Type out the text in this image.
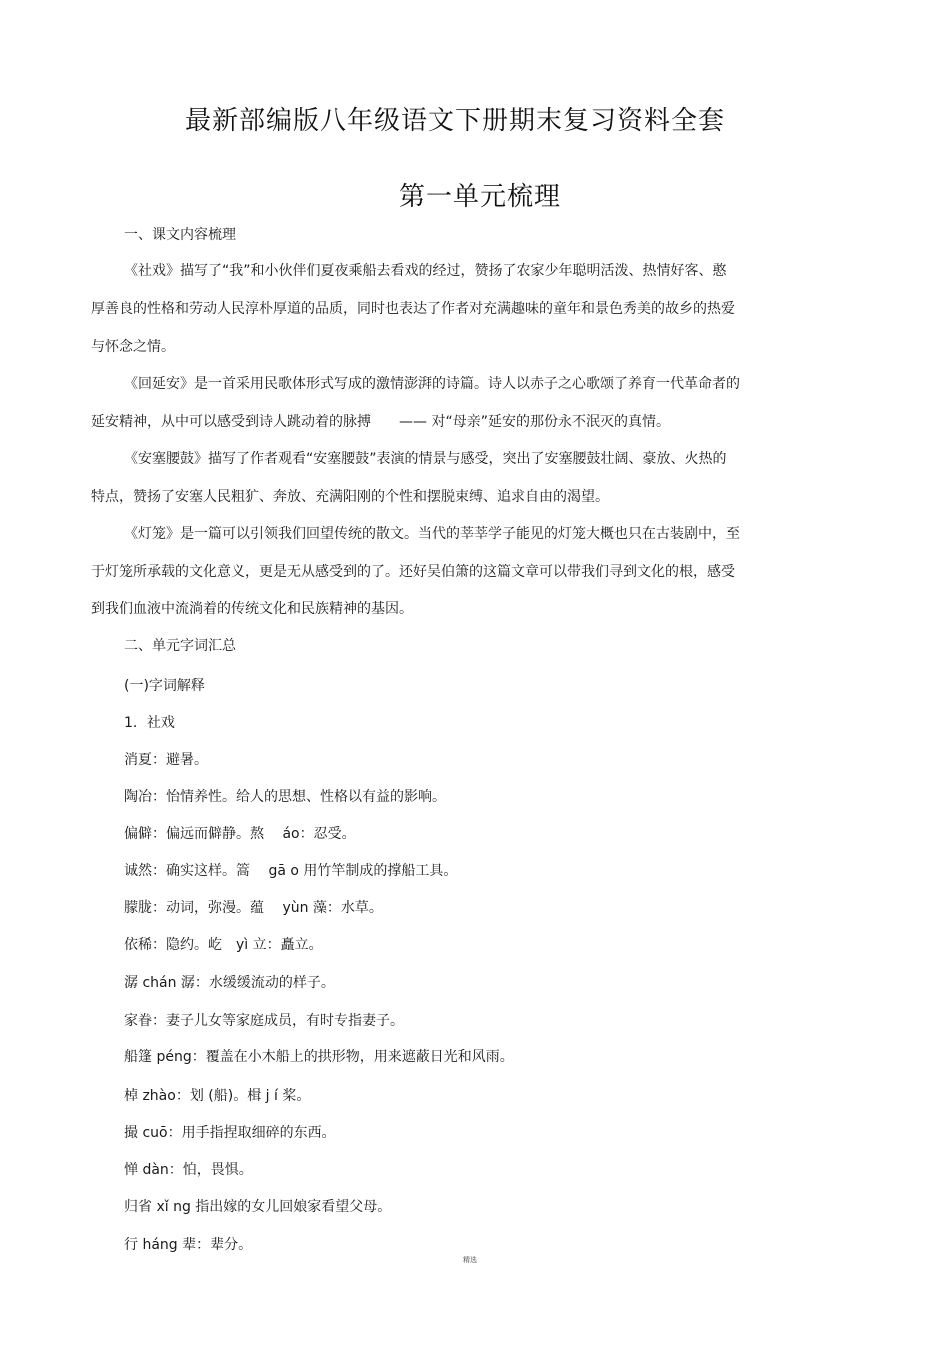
最新部编版八年级语文下册期末复习资料全套
第一单元梳理

一、课文内容梳理

《社戏》描写了“我”和小伙伴们夏夜乘船去看戏的经过，赞扬了农家少年聪明活泼、热情好客、憨

厚善良的性格和劳动人民淳朴厚道的品质，同时也表达了作者对充满趣味的童年和景色秀美的故乡的热爱

与怀念之情。

《回延安》是一首采用民歌体形式写成的激情澎湃的诗篇。诗人以赤子之心歌颂了养育一代革命者的

延安精神，从中可以感受到诗人跳动着的脉搏　　—— 对“母亲”延安的那份永不泯灭的真情。

《安塞腰鼓》描写了作者观看“安塞腰鼓”表演的情景与感受，突出了安塞腰鼓壮阔、豪放、火热的

特点，赞扬了安塞人民粗犷、奔放、充满阳刚的个性和摆脱束缚、追求自由的渴望。

《灯笼》是一篇可以引领我们回望传统的散文。当代的莘莘学子能见的灯笼大概也只在古装剧中，至

于灯笼所承载的文化意义，更是无从感受到的了。还好吴伯箫的这篇文章可以带我们寻到文化的根，感受

到我们血液中流淌着的传统文化和民族精神的基因。

二、单元字词汇总

(一)字词解释

1．社戏

消夏：避暑。

陶冶：怡情养性。给人的思想、性格以有益的影响。

偏僻：偏远而僻静。熬　 áo：忍受。

诚然：确实这样。篙　 gā o 用竹竿制成的撑船工具。

朦胧：动词，弥漫。蕴　 yùn 藻：水草。

依稀：隐约。屹　yì 立：矗立。

潺 chán 潺：水缓缓流动的样子。

家眷：妻子儿女等家庭成员，有时专指妻子。

船篷 péng：覆盖在小木船上的拱形物，用来遮蔽日光和风雨。

棹 zhào：划 (船)。楫 j í 桨。

撮 cuō：用手指捏取细碎的东西。

惮 dàn：怕，畏惧。

归省 xǐ ng 指出嫁的女儿回娘家看望父母。

行 háng 辈：辈分。

精选
